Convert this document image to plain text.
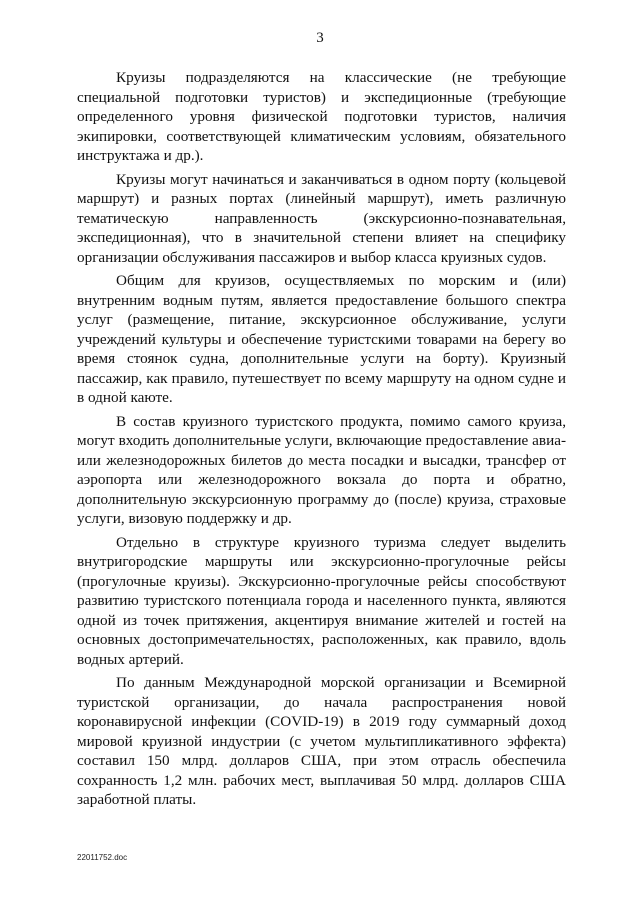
3

Круизы подразделяются на классические (не требующие специальной подготовки туристов) и экспедиционные (требующие определенного уровня физической подготовки туристов, наличия экипировки, соответствующей климатическим условиям, обязательного инструктажа и др.).

Круизы могут начинаться и заканчиваться в одном порту (кольцевой маршрут) и разных портах (линейный маршрут), иметь различную тематическую направленность (экскурсионно-познавательная, экспедиционная), что в значительной степени влияет на специфику организации обслуживания пассажиров и выбор класса круизных судов.

Общим для круизов, осуществляемых по морским и (или) внутренним водным путям, является предоставление большого спектра услуг (размещение, питание, экскурсионное обслуживание, услуги учреждений культуры и обеспечение туристскими товарами на берегу во время стоянок судна, дополнительные услуги на борту). Круизный пассажир, как правило, путешествует по всему маршруту на одном судне и в одной каюте.

В состав круизного туристского продукта, помимо самого круиза, могут входить дополнительные услуги, включающие предоставление авиа- или железнодорожных билетов до места посадки и высадки, трансфер от аэропорта или железнодорожного вокзала до порта и обратно, дополнительную экскурсионную программу до (после) круиза, страховые услуги, визовую поддержку и др.

Отдельно в структуре круизного туризма следует выделить внутригородские маршруты или экскурсионно-прогулочные рейсы (прогулочные круизы). Экскурсионно-прогулочные рейсы способствуют развитию туристского потенциала города и населенного пункта, являются одной из точек притяжения, акцентируя внимание жителей и гостей на основных достопримечательностях, расположенных, как правило, вдоль водных артерий.

По данным Международной морской организации и Всемирной туристской организации, до начала распространения новой коронавирусной инфекции (COVID-19) в 2019 году суммарный доход мировой круизной индустрии (с учетом мультипликативного эффекта) составил 150 млрд. долларов США, при этом отрасль обеспечила сохранность 1,2 млн. рабочих мест, выплачивая 50 млрд. долларов США заработной платы.

22011752.doc
